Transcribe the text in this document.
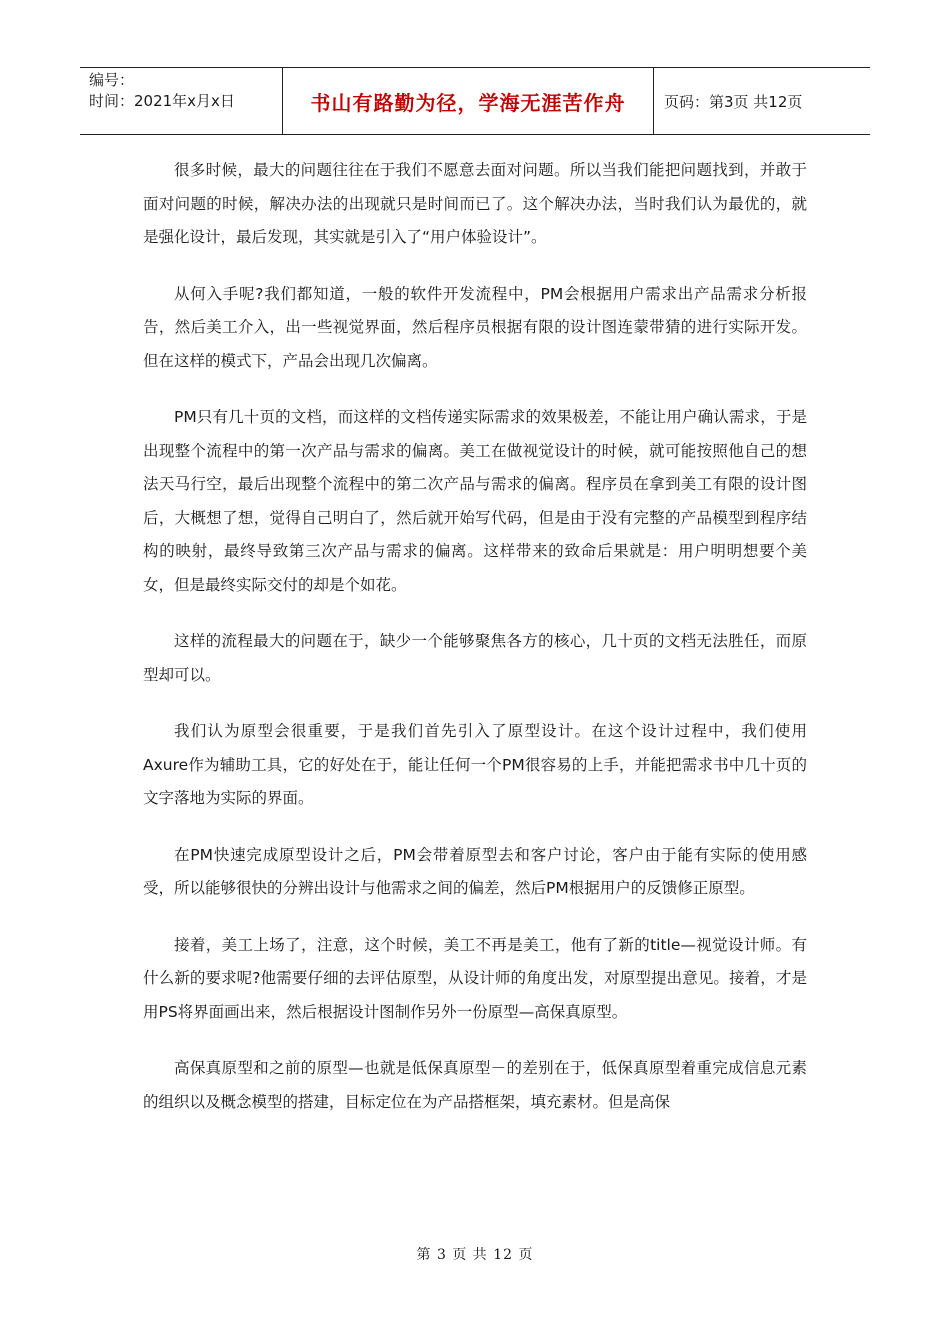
编号：
时间：2021年x月x日	书山有路勤为径，学海无涯苦作舟	页码：第3页 共12页

很多时候，最大的问题往往在于我们不愿意去面对问题。所以当我们能把问题找到，并敢于面对问题的时候，解决办法的出现就只是时间而已了。这个解决办法，当时我们认为最优的，就是强化设计，最后发现，其实就是引入了“用户体验设计”。

从何入手呢?我们都知道，一般的软件开发流程中，PM会根据用户需求出产品需求分析报告，然后美工介入，出一些视觉界面，然后程序员根据有限的设计图连蒙带猜的进行实际开发。但在这样的模式下，产品会出现几次偏离。

PM只有几十页的文档，而这样的文档传递实际需求的效果极差，不能让用户确认需求，于是出现整个流程中的第一次产品与需求的偏离。美工在做视觉设计的时候，就可能按照他自己的想法天马行空，最后出现整个流程中的第二次产品与需求的偏离。程序员在拿到美工有限的设计图后，大概想了想，觉得自己明白了，然后就开始写代码，但是由于没有完整的产品模型到程序结构的映射，最终导致第三次产品与需求的偏离。这样带来的致命后果就是：用户明明想要个美女，但是最终实际交付的却是个如花。

这样的流程最大的问题在于，缺少一个能够聚焦各方的核心，几十页的文档无法胜任，而原型却可以。

我们认为原型会很重要，于是我们首先引入了原型设计。在这个设计过程中，我们使用Axure作为辅助工具，它的好处在于，能让任何一个PM很容易的上手，并能把需求书中几十页的文字落地为实际的界面。

在PM快速完成原型设计之后，PM会带着原型去和客户讨论，客户由于能有实际的使用感受，所以能够很快的分辨出设计与他需求之间的偏差，然后PM根据用户的反馈修正原型。

接着，美工上场了，注意，这个时候，美工不再是美工，他有了新的title—视觉设计师。有什么新的要求呢?他需要仔细的去评估原型，从设计师的角度出发，对原型提出意见。接着，才是用PS将界面画出来，然后根据设计图制作另外一份原型—高保真原型。

高保真原型和之前的原型—也就是低保真原型－的差别在于，低保真原型着重完成信息元素的组织以及概念模型的搭建，目标定位在为产品搭框架，填充素材。但是高保

第 3 页 共 12 页
